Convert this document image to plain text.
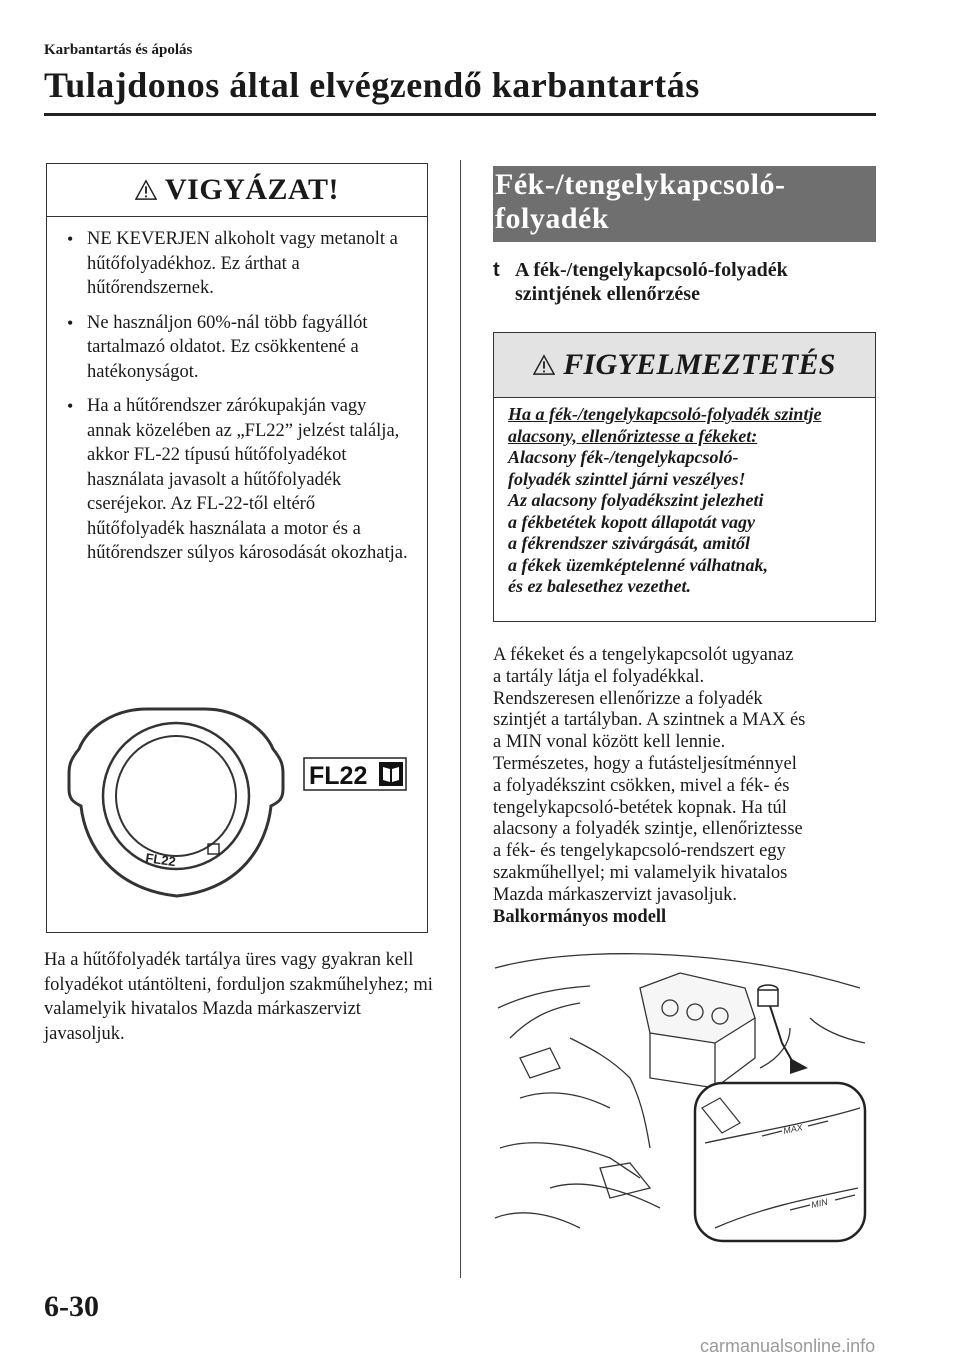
Karbantartás és ápolás
Tulajdonos által elvégzendő karbantartás
VIGYÁZAT!
• NE KEVERJEN alkoholt vagy metanolt a hűtőfolyadékhoz. Ez árthat a hűtőrendszernek.
• Ne használjon 60%-nál több fagyállót tartalmazó oldatot. Ez csökkentené a hatékonyságot.
• Ha a hűtőrendszer zárókupakján vagy annak közelében az „FL22” jelzést találja, akkor FL-22 típusú hűtőfolyadékot használata javasolt a hűtőfolyadék cseréjekor. Az FL-22-től eltérő hűtőfolyadék használata a motor és a hűtőrendszer súlyos károsodását okozhatja.
FL22
FL22
Ha a hűtőfolyadék tartálya üres vagy gyakran kell folyadékot utántölteni, forduljon szakműhelyhez; mi valamelyik hivatalos Mazda márkaszervizt javasoljuk.
Fék-/tengelykapcsoló-
folyadék
t A fék-/tengelykapcsoló-folyadék
szintjének ellenőrzése
FIGYELMEZTETÉS
Ha a fék-/tengelykapcsoló-folyadék szintje alacsony, ellenőriztesse a fékeket:
Alacsony fék-/tengelykapcsoló-
folyadék szinttel járni veszélyes!
Az alacsony folyadékszint jelezheti
a fékbetétek kopott állapotát vagy
a fékrendszer szivárgását, amitől
a fékek üzemképtelenné válhatnak,
és ez balesethez vezethet.
A fékeket és a tengelykapcsolót ugyanaz
a tartály látja el folyadékkal.
Rendszeresen ellenőrizze a folyadék
szintjét a tartályban. A szintnek a MAX és
a MIN vonal között kell lennie.
Természetes, hogy a futásteljesítménnyel
a folyadékszint csökken, mivel a fék- és
tengelykapcsoló-betétek kopnak. Ha túl
alacsony a folyadék szintje, ellenőriztesse
a fék- és tengelykapcsoló-rendszert egy
szakműhellyel; mi valamelyik hivatalos
Mazda márkaszervizt javasoljuk.
Balkormányos modell
MAX
MIN
6-30
carmanualsonline.info
